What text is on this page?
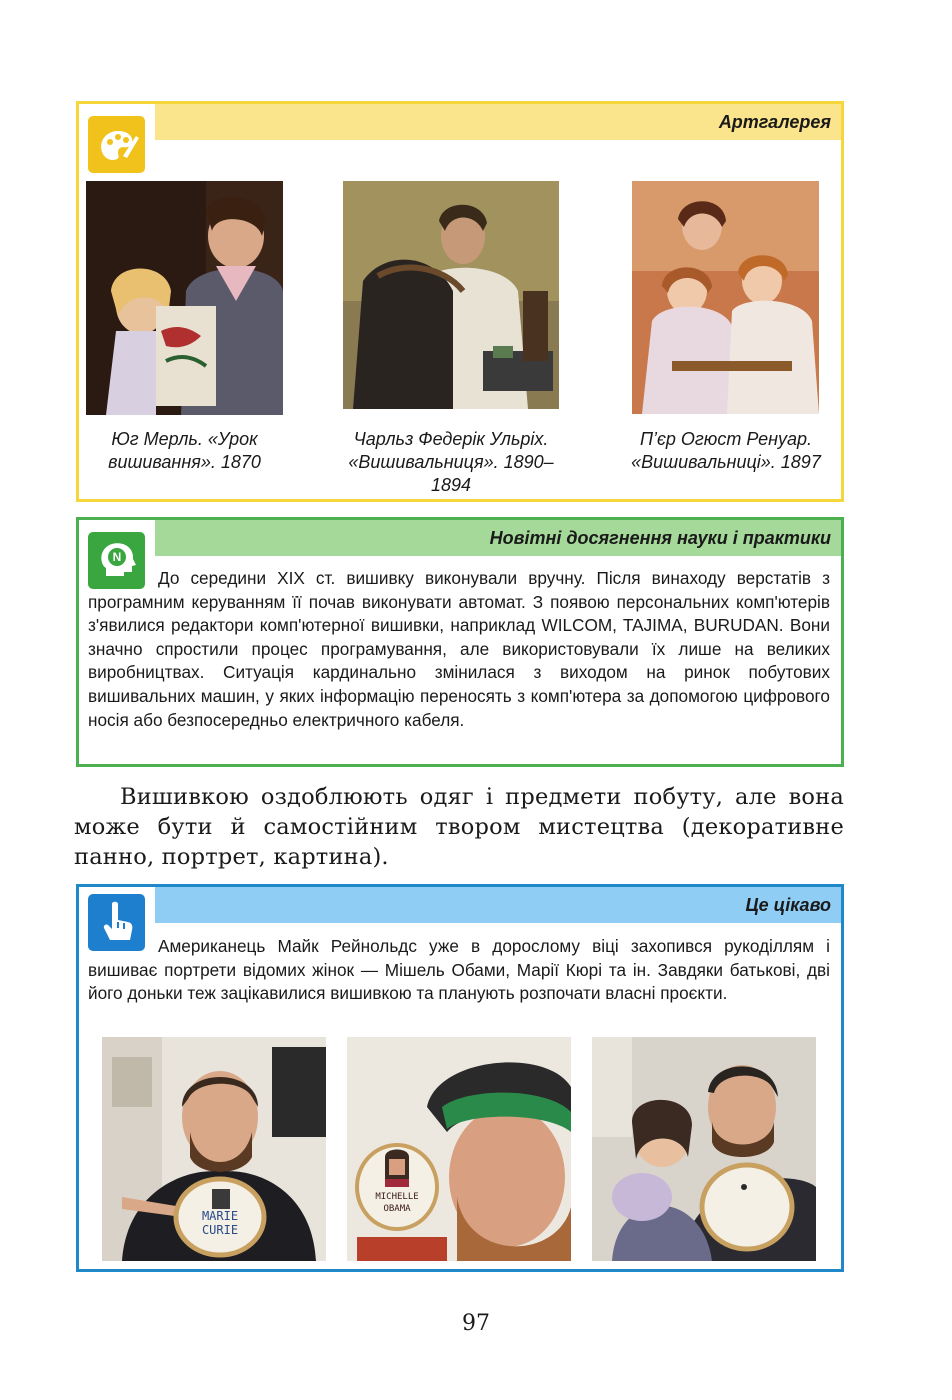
Артгалерея
Юг Мерль. «Урок вишивання». 1870
Чарльз Федерік Ульріх. «Вишивальниця». 1890–1894
П’єр Огюст Ренуар. «Вишивальниці». 1897
Новітні досягнення науки і практики
N
До середини XIX ст. вишивку виконували вручну. Після винаходу верстатів з програмним керуванням її почав виконувати автомат. З появою персональних комп'ютерів з'явилися редактори комп'ютерної вишивки, наприклад WILCOM, TAJIMA, BURUDAN. Вони значно спростили процес програмування, але використовували їх лише на великих виробництвах. Ситуація кардинально змінилася з виходом на ринок побутових вишивальних машин, у яких інформацію переносять з комп'ютера за допомогою цифрового носія або безпосередньо електричного кабеля.
Вишивкою оздоблюють одяг і предмети побуту, але вона може бути й самостійним твором мистецтва (декоративне панно, портрет, картина).
Це цікаво
Американець Майк Рейнольдс уже в дорослому віці захопився рукоділлям і вишиває портрети відомих жінок — Мішель Обами, Марії Кюрі та ін. Завдяки батькові, дві його доньки теж зацікавилися вишивкою та планують розпочати власні проєкти.
MARIE
CURIE
MICHELLE
OBAMA
97
